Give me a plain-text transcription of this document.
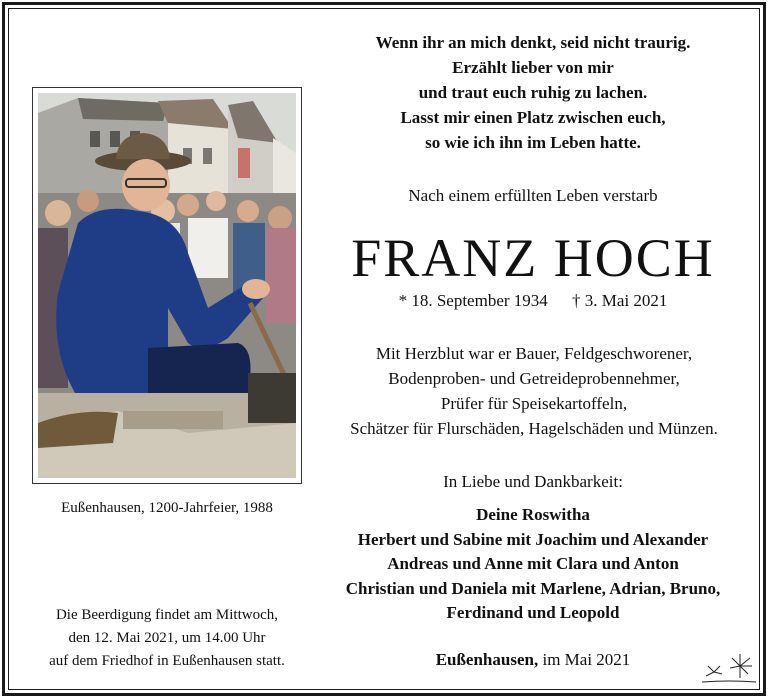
Wenn ihr an mich denkt, seid nicht traurig.
Erzählt lieber von mir
und traut euch ruhig zu lachen.
Lasst mir einen Platz zwischen euch,
so wie ich ihn im Leben hatte.
Nach einem erfüllten Leben verstarb
FRANZ HOCH
* 18. September 1934 † 3. Mai 2021
Mit Herzblut war er Bauer, Feldgeschworener,
Bodenproben- und Getreideprobennehmer,
Prüfer für Speisekartoffeln,
Schätzer für Flurschäden, Hagelschäden und Münzen.
In Liebe und Dankbarkeit:
Deine Roswitha
Herbert und Sabine mit Joachim und Alexander
Andreas und Anne mit Clara und Anton
Christian und Daniela mit Marlene, Adrian, Bruno,
Ferdinand und Leopold
Eußenhausen, im Mai 2021
Eußenhausen, 1200-Jahrfeier, 1988
Die Beerdigung findet am Mittwoch,
den 12. Mai 2021, um 14.00 Uhr
auf dem Friedhof in Eußenhausen statt.
